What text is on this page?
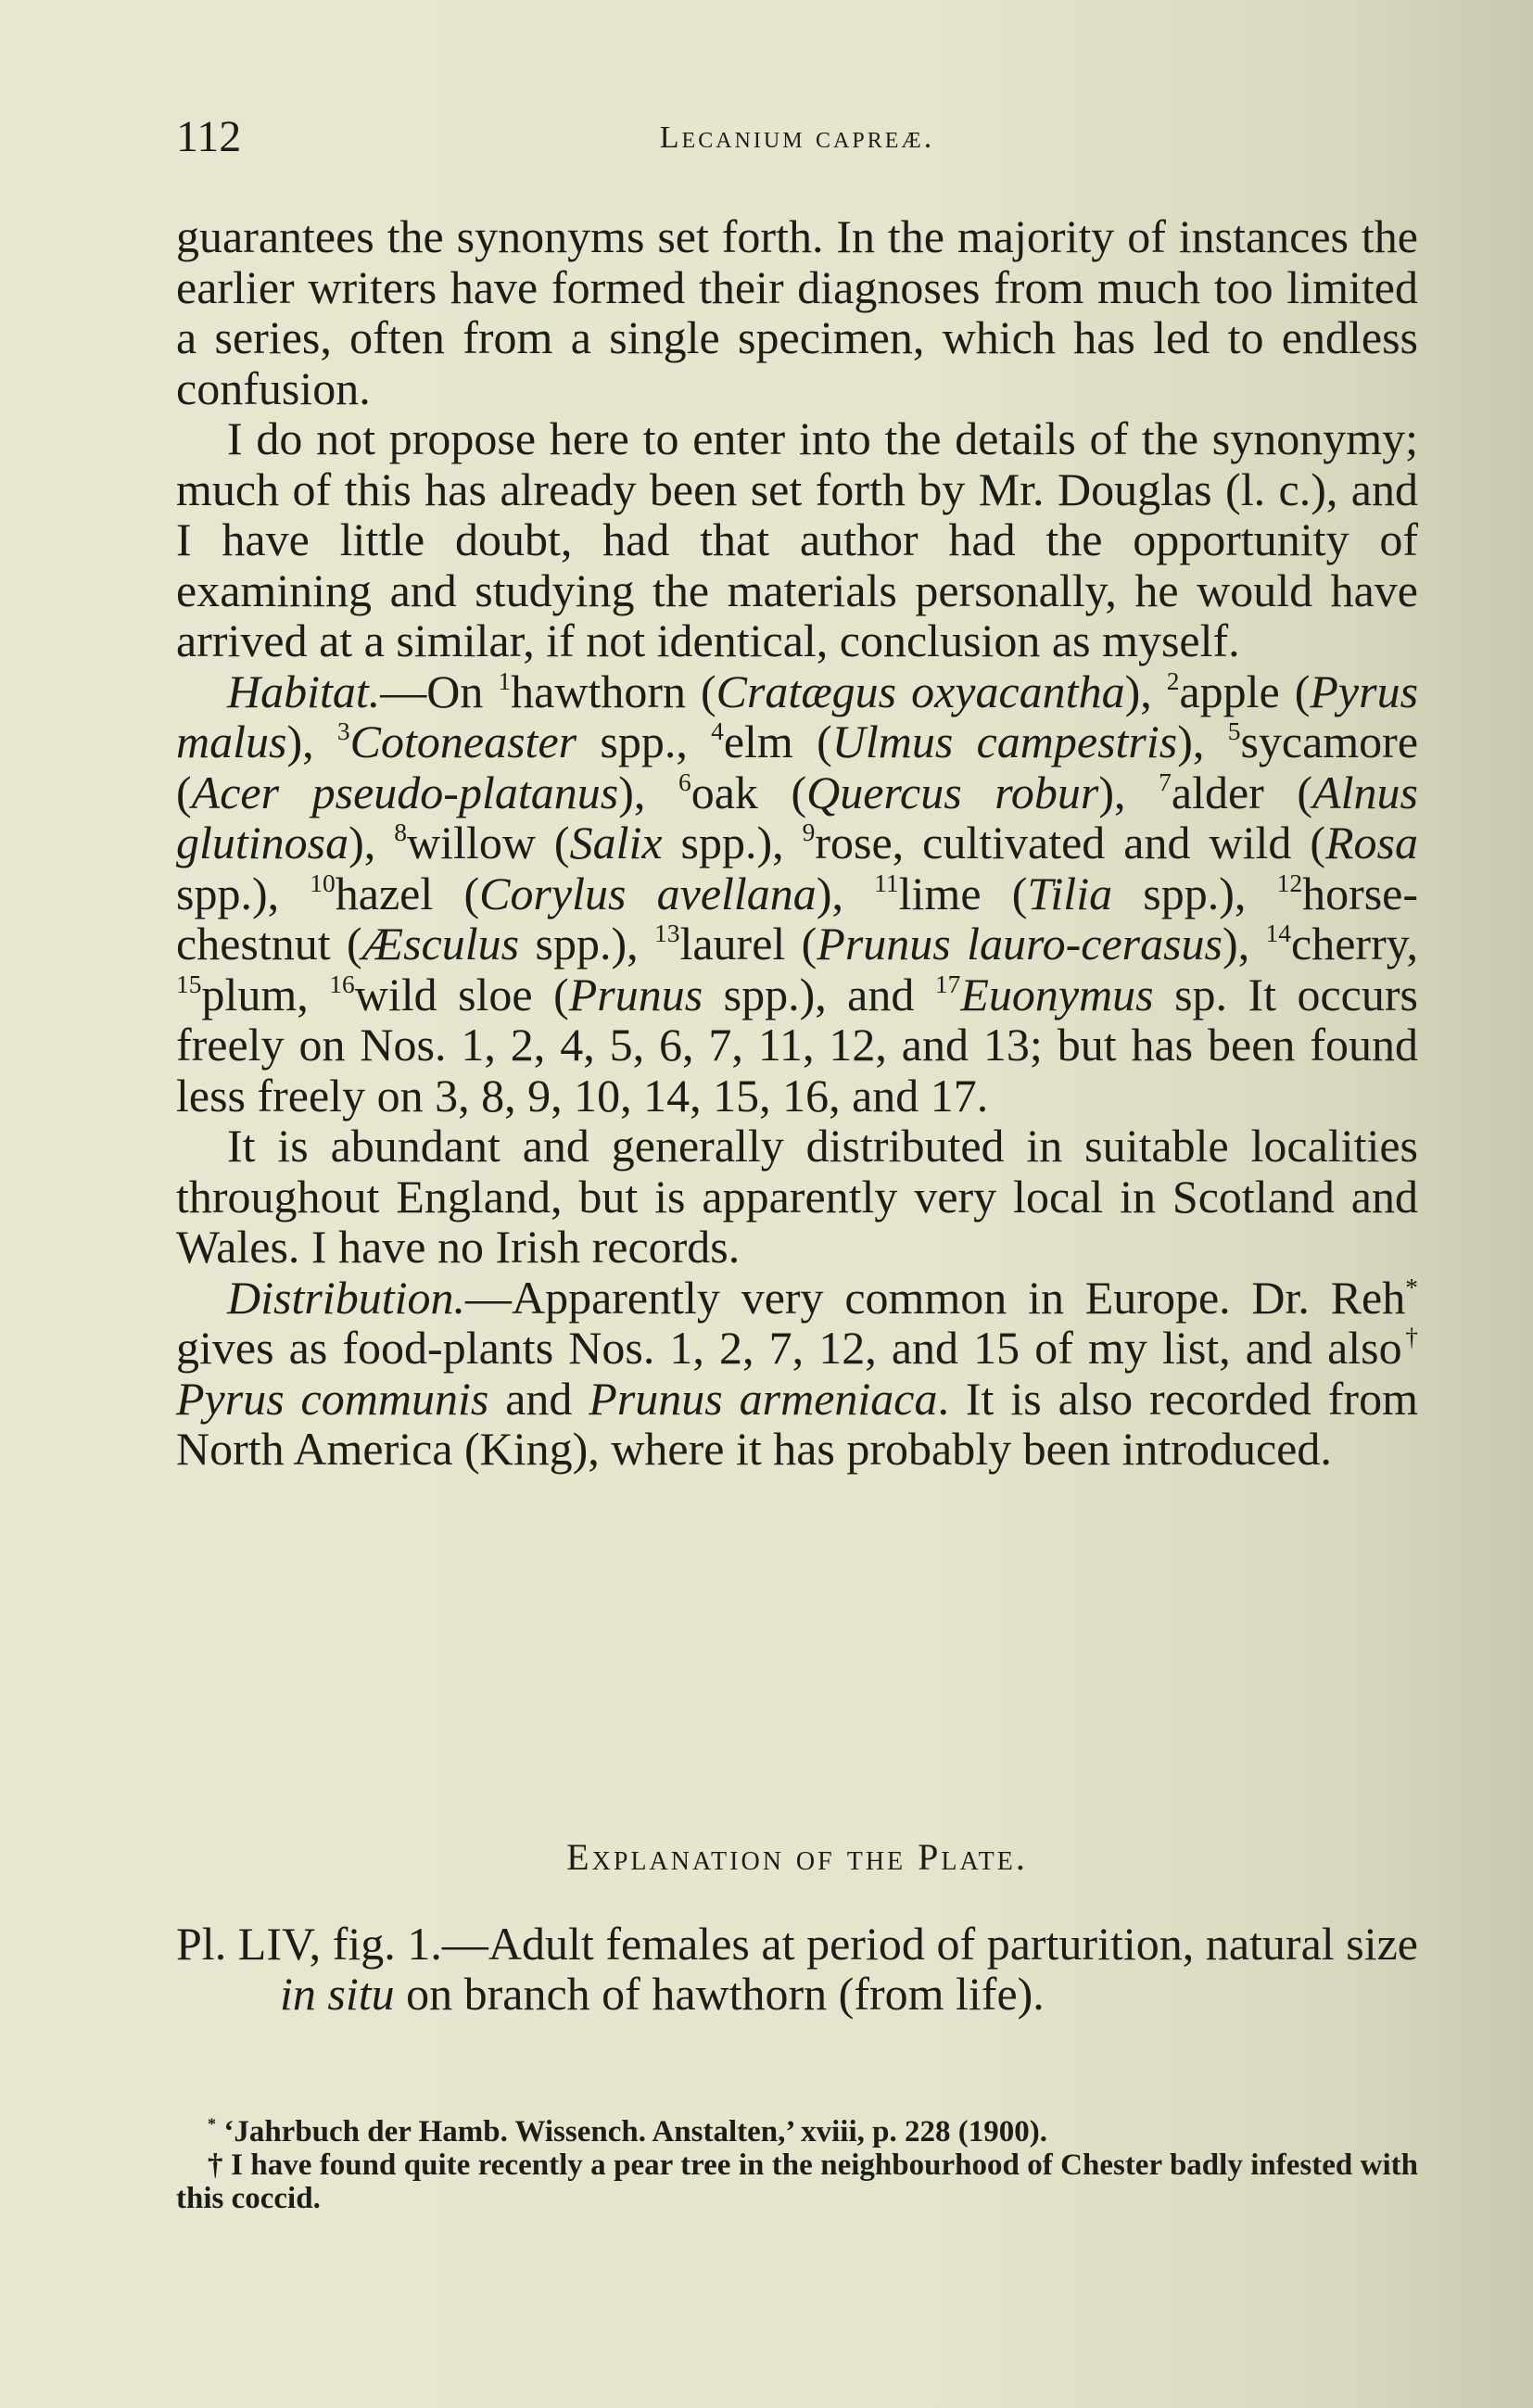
112	Lecanium capreæ.

guarantees the synonyms set forth. In the majority of instances the earlier writers have formed their diagnoses from much too limited a series, often from a single specimen, which has led to endless confusion.

I do not propose here to enter into the details of the synonymy; much of this has already been set forth by Mr. Douglas (l. c.), and I have little doubt, had that author had the opportunity of examining and studying the materials personally, he would have arrived at a similar, if not identical, conclusion as myself.

Habitat.—On $^1$hawthorn (Cratægus oxyacantha), $^2$apple (Pyrus malus), $^3$Cotoneaster spp., $^4$elm (Ulmus campestris), $^5$sycamore (Acer pseudo-platanus), $^6$oak (Quercus robur), $^7$alder (Alnus glutinosa), $^8$willow (Salix spp.), $^9$rose, cultivated and wild (Rosa spp.), $^{10}$hazel (Corylus avellana), $^{11}$lime (Tilia spp.), $^{12}$horse-chestnut (Æsculus spp.), $^{13}$laurel (Prunus lauro-cerasus), $^{14}$cherry, $^{15}$plum, $^{16}$wild sloe (Prunus spp.), and $^{17}$Euonymus sp. It occurs freely on Nos. 1, 2, 4, 5, 6, 7, 11, 12, and 13; but has been found less freely on 3, 8, 9, 10, 14, 15, 16, and 17.

It is abundant and generally distributed in suitable localities throughout England, but is apparently very local in Scotland and Wales. I have no Irish records.

Distribution.—Apparently very common in Europe. Dr. Reh* gives as food-plants Nos. 1, 2, 7, 12, and 15 of my list, and also† Pyrus communis and Prunus armeniaca. It is also recorded from North America (King), where it has probably been introduced.

Explanation of the Plate.

Pl. LIV, fig. 1.—Adult females at period of parturition, natural size in situ on branch of hawthorn (from life).

* ‘Jahrbuch der Hamb. Wissench. Anstalten,’ xviii, p. 228 (1900).

† I have found quite recently a pear tree in the neighbourhood of Chester badly infested with this coccid.
